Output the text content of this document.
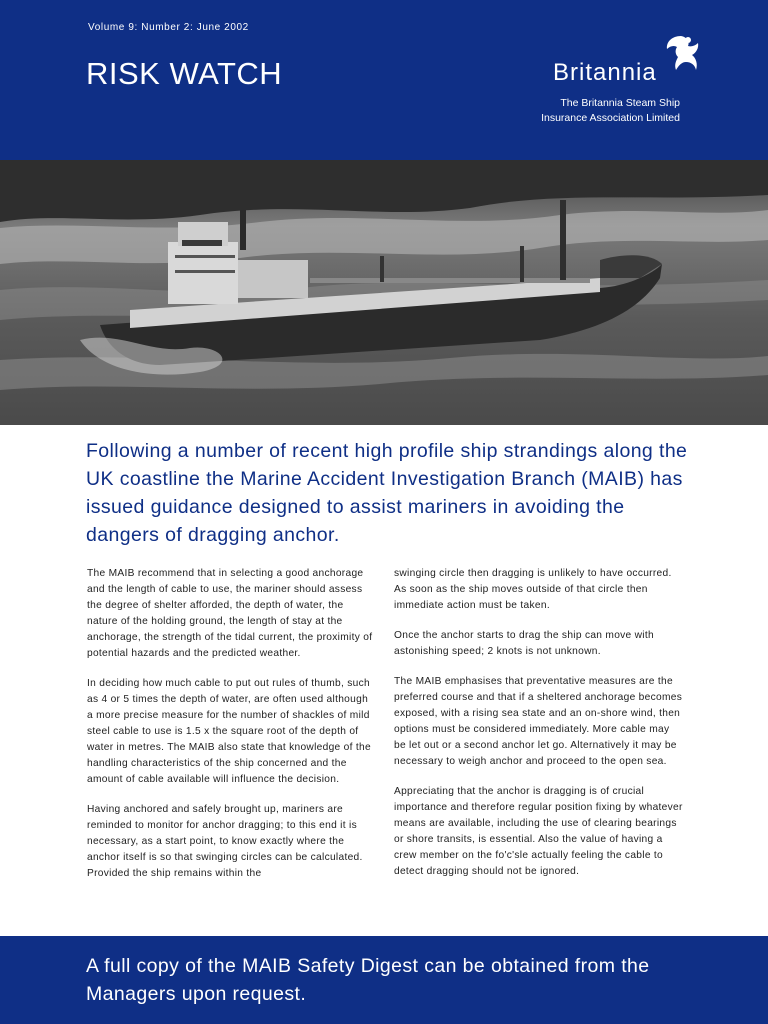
Volume 9: Number 2: June 2002
RISK WATCH	Britannia
The Britannia Steam Ship
Insurance Association Limited
Anchoring and avoiding the pitfalls of a lee shore
Following a number of recent high profile ship strandings along the UK coastline the Marine Accident Investigation Branch (MAIB) has issued guidance designed to assist mariners in avoiding the dangers of dragging anchor.

The MAIB recommend that in selecting a good anchorage and the length of cable to use, the mariner should assess the degree of shelter afforded, the depth of water, the nature of the holding ground, the length of stay at the anchorage, the strength of the tidal current, the proximity of potential hazards and the predicted weather.

In deciding how much cable to put out rules of thumb, such as 4 or 5 times the depth of water, are often used although a more precise measure for the number of shackles of mild steel cable to use is 1.5 x the square root of the depth of water in metres. The MAIB also state that knowledge of the handling characteristics of the ship concerned and the amount of cable available will influence the decision.

Having anchored and safely brought up, mariners are reminded to monitor for anchor dragging; to this end it is necessary, as a start point, to know exactly where the anchor itself is so that swinging circles can be calculated. Provided the ship remains within the

swinging circle then dragging is unlikely to have occurred. As soon as the ship moves outside of that circle then immediate action must be taken.

Once the anchor starts to drag the ship can move with astonishing speed; 2 knots is not unknown.

The MAIB emphasises that preventative measures are the preferred course and that if a sheltered anchorage becomes exposed, with a rising sea state and an on-shore wind, then options must be considered immediately. More cable may be let out or a second anchor let go. Alternatively it may be necessary to weigh anchor and proceed to the open sea.

Appreciating that the anchor is dragging is of crucial importance and therefore regular position fixing by whatever means are available, including the use of clearing bearings or shore transits, is essential. Also the value of having a crew member on the fo'c'sle actually feeling the cable to detect dragging should not be ignored.

A full copy of the MAIB Safety Digest can be obtained from the Managers upon request.
